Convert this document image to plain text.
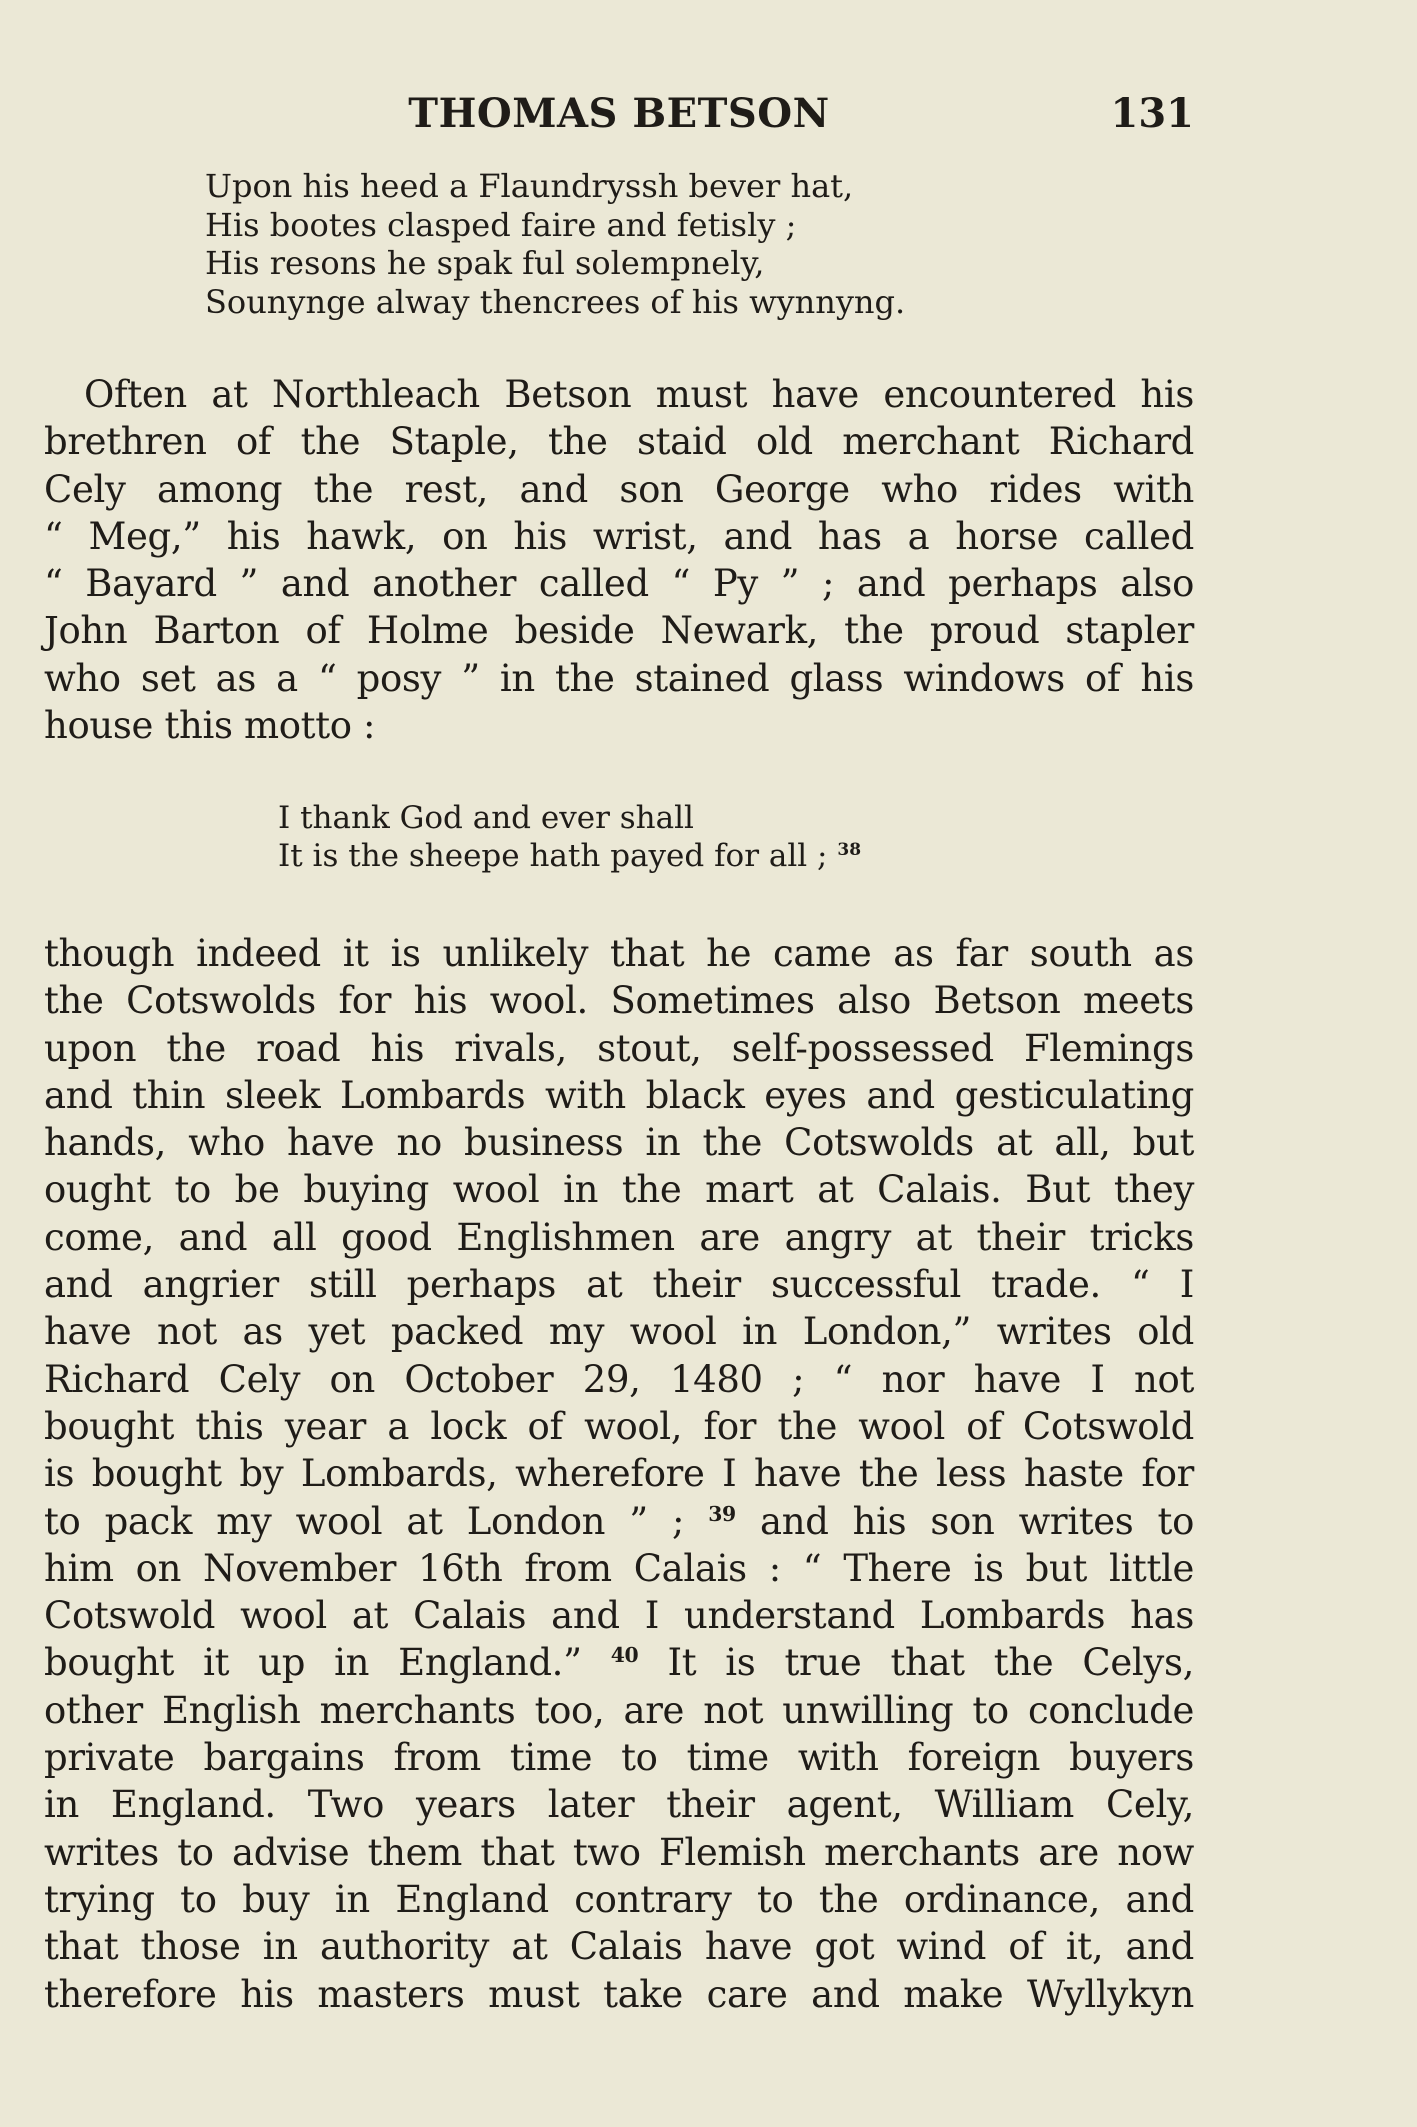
THOMAS BETSON	131
Upon his heed a Flaundryssh bever hat,
His bootes clasped faire and fetisly ;
His resons he spak ful solempnely,
Sounynge alway thencrees of his wynnyng.
Often at Northleach Betson must have encountered his
brethren of the Staple, the staid old merchant Richard
Cely among the rest, and son George who rides with
“ Meg,” his hawk, on his wrist, and has a horse called
“ Bayard ” and another called “ Py ” ; and perhaps also
John Barton of Holme beside Newark, the proud stapler
who set as a “ posy ” in the stained glass windows of his
house this motto :
I thank God and ever shall
It is the sheepe hath payed for all ; $^{38}$
though indeed it is unlikely that he came as far south as
the Cotswolds for his wool. Sometimes also Betson meets
upon the road his rivals, stout, self-possessed Flemings
and thin sleek Lombards with black eyes and gesticulating
hands, who have no business in the Cotswolds at all, but
ought to be buying wool in the mart at Calais. But they
come, and all good Englishmen are angry at their tricks
and angrier still perhaps at their successful trade. “ I
have not as yet packed my wool in London,” writes old
Richard Cely on October 29, 1480 ; “ nor have I not
bought this year a lock of wool, for the wool of Cotswold
is bought by Lombards, wherefore I have the less haste for
to pack my wool at London ” ; $^{39}$ and his son writes to
him on November 16th from Calais : “ There is but little
Cotswold wool at Calais and I understand Lombards has
bought it up in England.” $^{40}$ It is true that the Celys,
other English merchants too, are not unwilling to conclude
private bargains from time to time with foreign buyers
in England. Two years later their agent, William Cely,
writes to advise them that two Flemish merchants are now
trying to buy in England contrary to the ordinance, and
that those in authority at Calais have got wind of it, and
therefore his masters must take care and make Wyllykyn
